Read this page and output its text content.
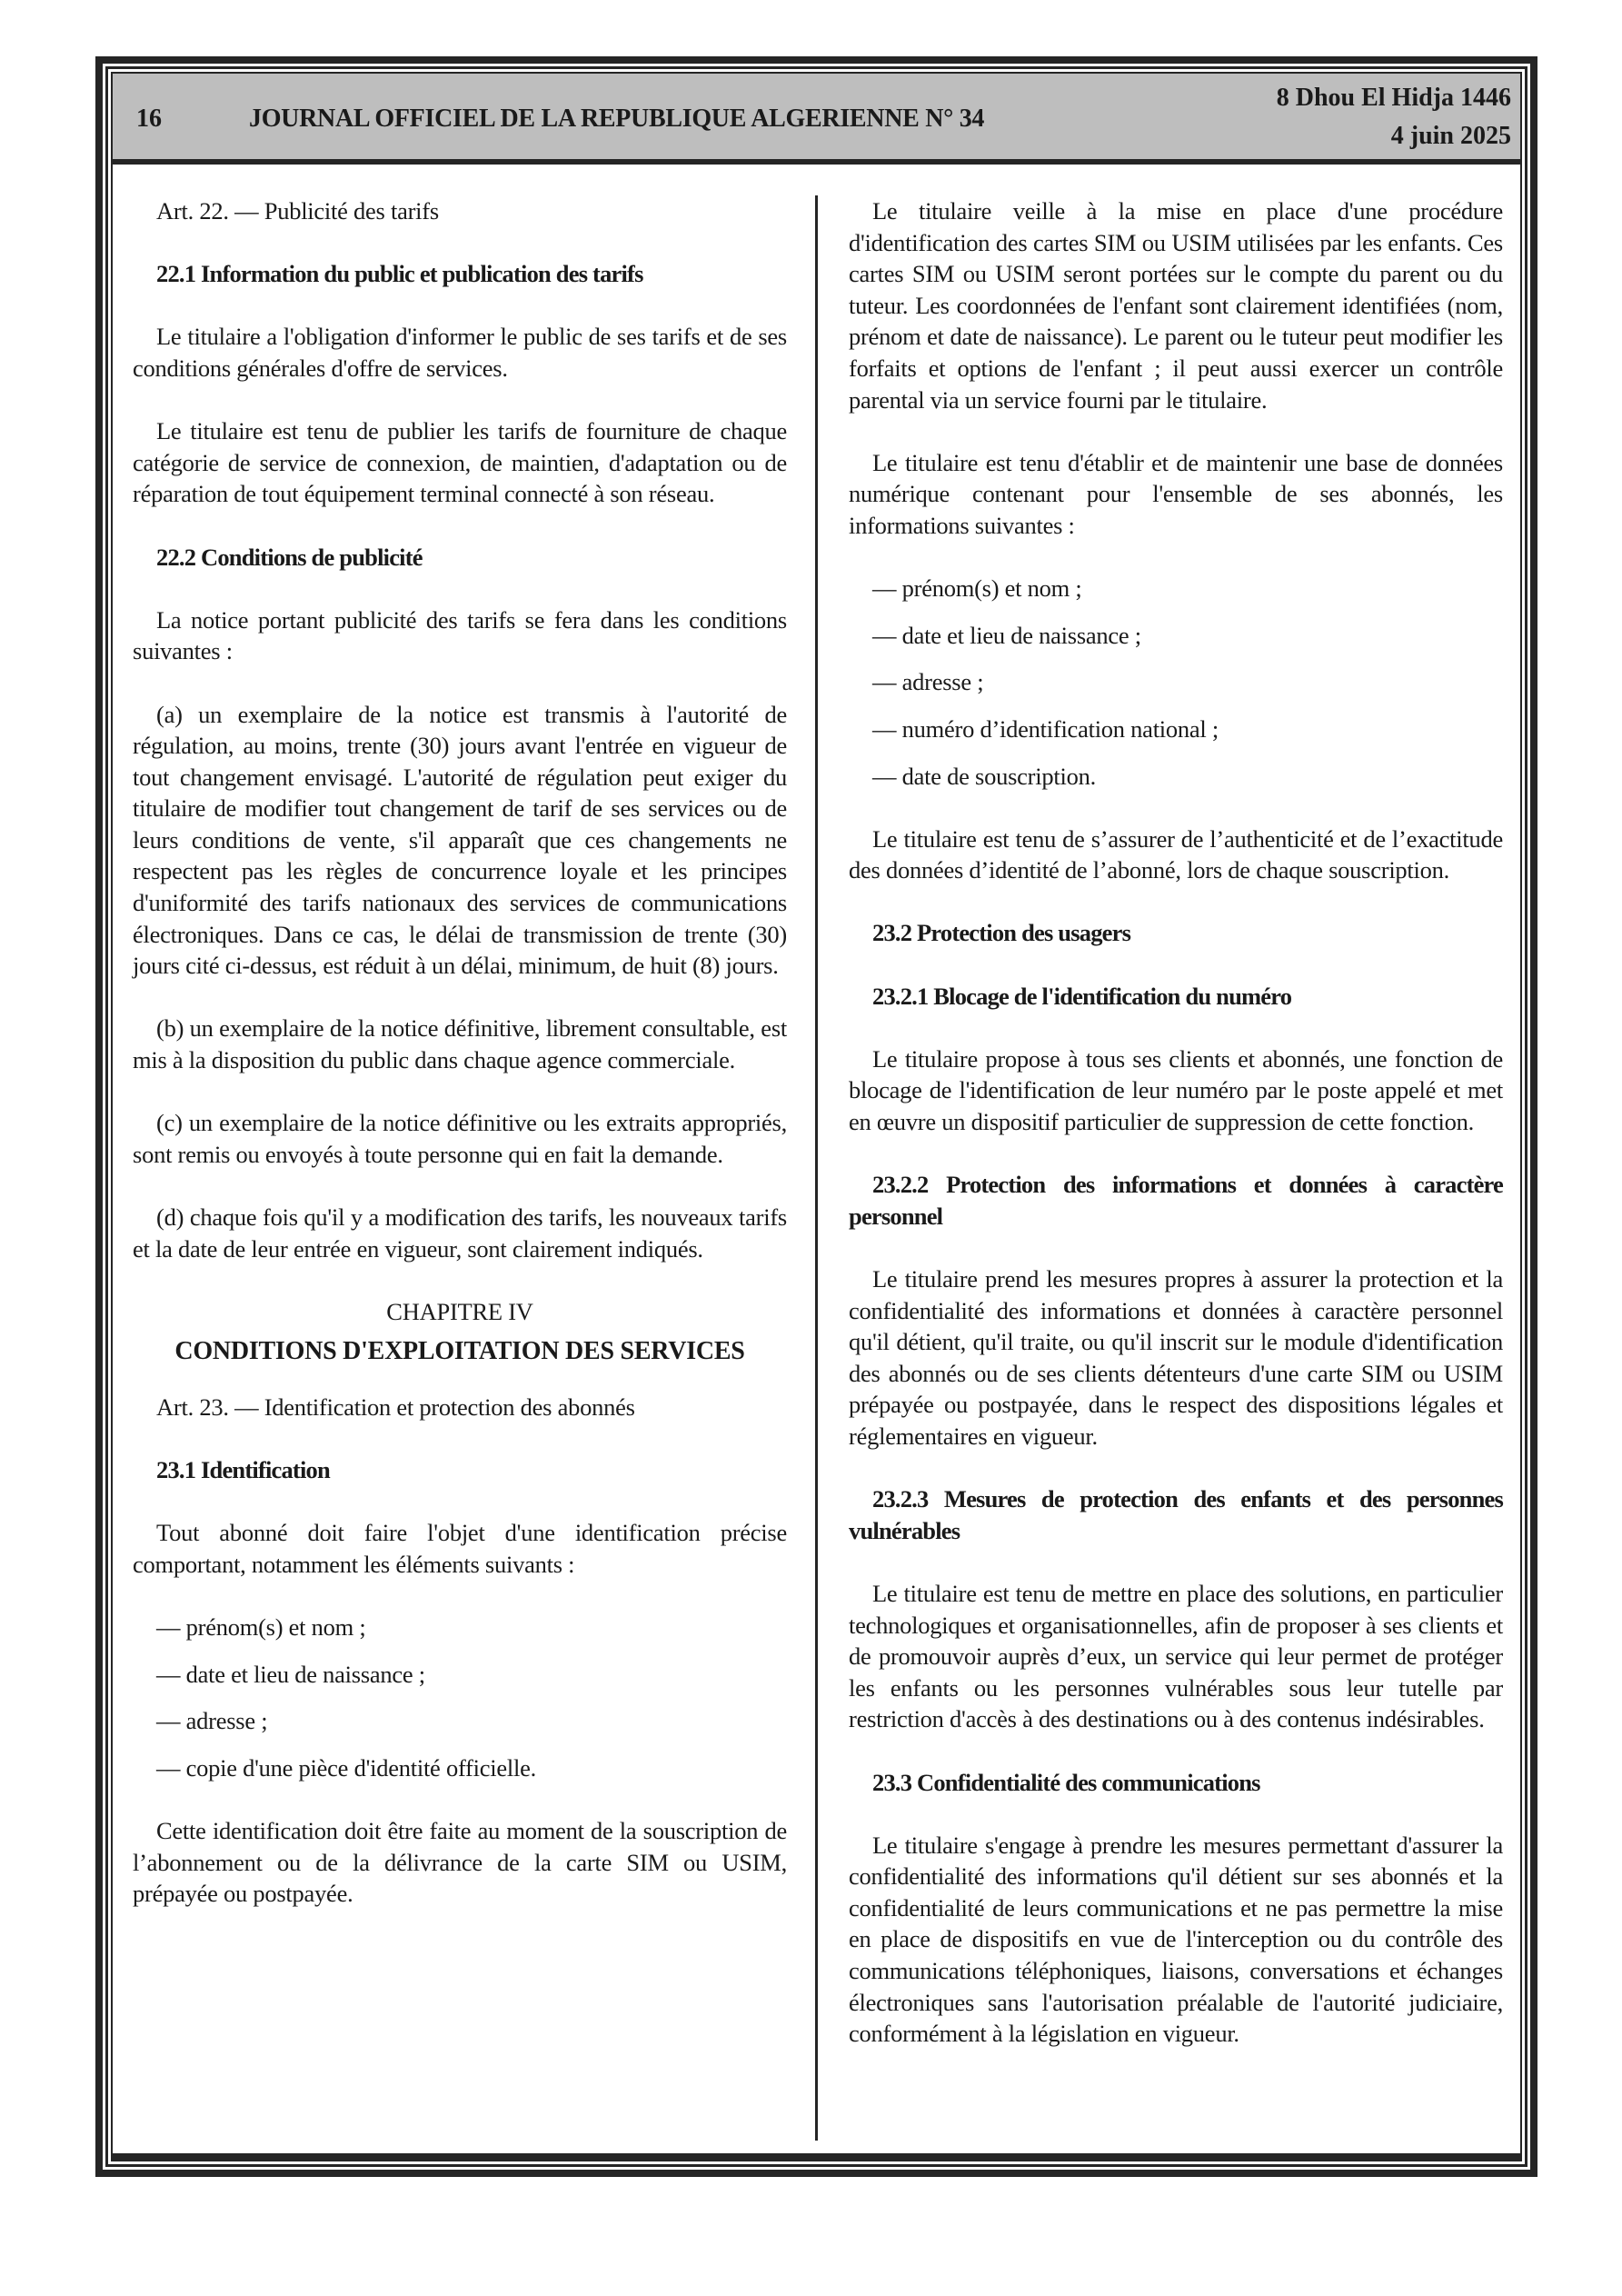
16	JOURNAL OFFICIEL DE LA REPUBLIQUE ALGERIENNE N° 34
8 Dhou El Hidja 1446
4 juin 2025
Art. 22. — Publicité des tarifs
22.1 Information du public et publication des tarifs
Le titulaire a l'obligation d'informer le public de ses tarifs et de ses conditions générales d'offre de services.
Le titulaire est tenu de publier les tarifs de fourniture de chaque catégorie de service de connexion, de maintien, d'adaptation ou de réparation de tout équipement terminal connecté à son réseau.
22.2 Conditions de publicité
La notice portant publicité des tarifs se fera dans les conditions suivantes :
(a) un exemplaire de la notice est transmis à l'autorité de régulation, au moins, trente (30) jours avant l'entrée en vigueur de tout changement envisagé. L'autorité de régulation peut exiger du titulaire de modifier tout changement de tarif de ses services ou de leurs conditions de vente, s'il apparaît que ces changements ne respectent pas les règles de concurrence loyale et les principes d'uniformité des tarifs nationaux des services de communications électroniques. Dans ce cas, le délai de transmission de trente (30) jours cité ci-dessus, est réduit à un délai, minimum, de huit (8) jours.
(b) un exemplaire de la notice définitive, librement consultable, est mis à la disposition du public dans chaque agence commerciale.
(c) un exemplaire de la notice définitive ou les extraits appropriés, sont remis ou envoyés à toute personne qui en fait la demande.
(d) chaque fois qu'il y a modification des tarifs, les nouveaux tarifs et la date de leur entrée en vigueur, sont clairement indiqués.
CHAPITRE IV
CONDITIONS D'EXPLOITATION DES SERVICES
Art. 23. — Identification et protection des abonnés
23.1 Identification
Tout abonné doit faire l'objet d'une identification précise comportant, notamment les éléments suivants :
— prénom(s) et nom ;
— date et lieu de naissance ;
— adresse ;
— copie d'une pièce d'identité officielle.
Cette identification doit être faite au moment de la souscription de l’abonnement ou de la délivrance de la carte SIM ou USIM, prépayée ou postpayée.
Le titulaire veille à la mise en place d'une procédure d'identification des cartes SIM ou USIM utilisées par les enfants. Ces cartes SIM ou USIM seront portées sur le compte du parent ou du tuteur. Les coordonnées de l'enfant sont clairement identifiées (nom, prénom et date de naissance). Le parent ou le tuteur peut modifier les forfaits et options de l'enfant ; il peut aussi exercer un contrôle parental via un service fourni par le titulaire.
Le titulaire est tenu d'établir et de maintenir une base de données numérique contenant pour l'ensemble de ses abonnés, les informations suivantes :
— prénom(s) et nom ;
— date et lieu de naissance ;
— adresse ;
— numéro d’identification national ;
— date de souscription.
Le titulaire est tenu de s’assurer de l’authenticité et de l’exactitude des données d’identité de l’abonné, lors de chaque souscription.
23.2 Protection des usagers
23.2.1 Blocage de l'identification du numéro
Le titulaire propose à tous ses clients et abonnés, une fonction de blocage de l'identification de leur numéro par le poste appelé et met en œuvre un dispositif particulier de suppression de cette fonction.
23.2.2 Protection des informations et données à caractère personnel
Le titulaire prend les mesures propres à assurer la protection et la confidentialité des informations et données à caractère personnel qu'il détient, qu'il traite, ou qu'il inscrit sur le module d'identification des abonnés ou de ses clients détenteurs d'une carte SIM ou USIM prépayée ou postpayée, dans le respect des dispositions légales et réglementaires en vigueur.
23.2.3 Mesures de protection des enfants et des personnes vulnérables
Le titulaire est tenu de mettre en place des solutions, en particulier technologiques et organisationnelles, afin de proposer à ses clients et de promouvoir auprès d’eux, un service qui leur permet de protéger les enfants ou les personnes vulnérables sous leur tutelle par restriction d'accès à des destinations ou à des contenus indésirables.
23.3 Confidentialité des communications
Le titulaire s'engage à prendre les mesures permettant d'assurer la confidentialité des informations qu'il détient sur ses abonnés et la confidentialité de leurs communications et ne pas permettre la mise en place de dispositifs en vue de l'interception ou du contrôle des communications téléphoniques, liaisons, conversations et échanges électroniques sans l'autorisation préalable de l'autorité judiciaire, conformément à la législation en vigueur.
